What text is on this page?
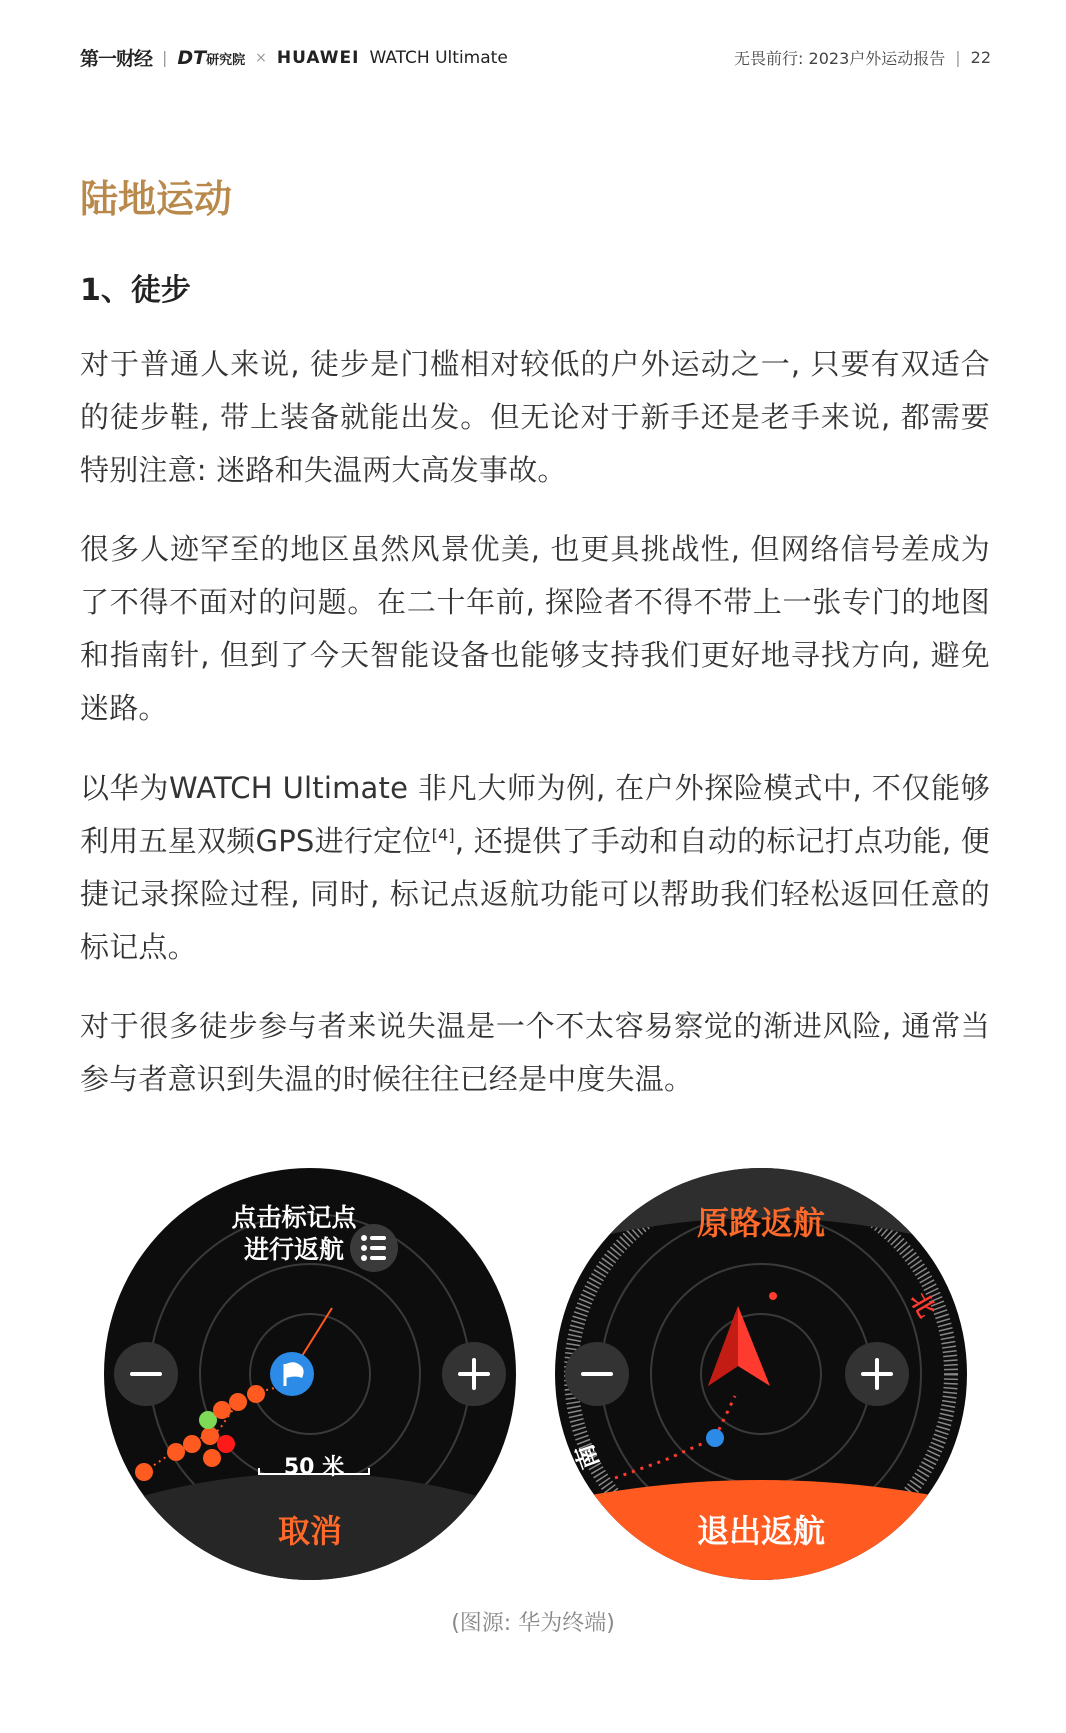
第一财经 | DT研究院 × HUAWEI WATCH Ultimate	无畏前行: 2023户外运动报告 | 22
陆地运动
1、徒步
对于普通人来说, 徒步是门槛相对较低的户外运动之一, 只要有双适合的徒步鞋, 带上装备就能出发。但无论对于新手还是老手来说, 都需要特别注意: 迷路和失温两大高发事故。
很多人迹罕至的地区虽然风景优美, 也更具挑战性, 但网络信号差成为了不得不面对的问题。在二十年前, 探险者不得不带上一张专门的地图和指南针, 但到了今天智能设备也能够支持我们更好地寻找方向, 避免迷路。
以华为WATCH Ultimate 非凡大师为例, 在户外探险模式中, 不仅能够利用五星双频GPS进行定位[4], 还提供了手动和自动的标记打点功能, 便捷记录探险过程, 同时, 标记点返航功能可以帮助我们轻松返回任意的标记点。
对于很多徒步参与者来说失温是一个不太容易察觉的渐进风险, 通常当参与者意识到失温的时候往往已经是中度失温。
点击标记点
进行返航
50 米
取消
原路返航
退出返航
北
南
(图源: 华为终端)
